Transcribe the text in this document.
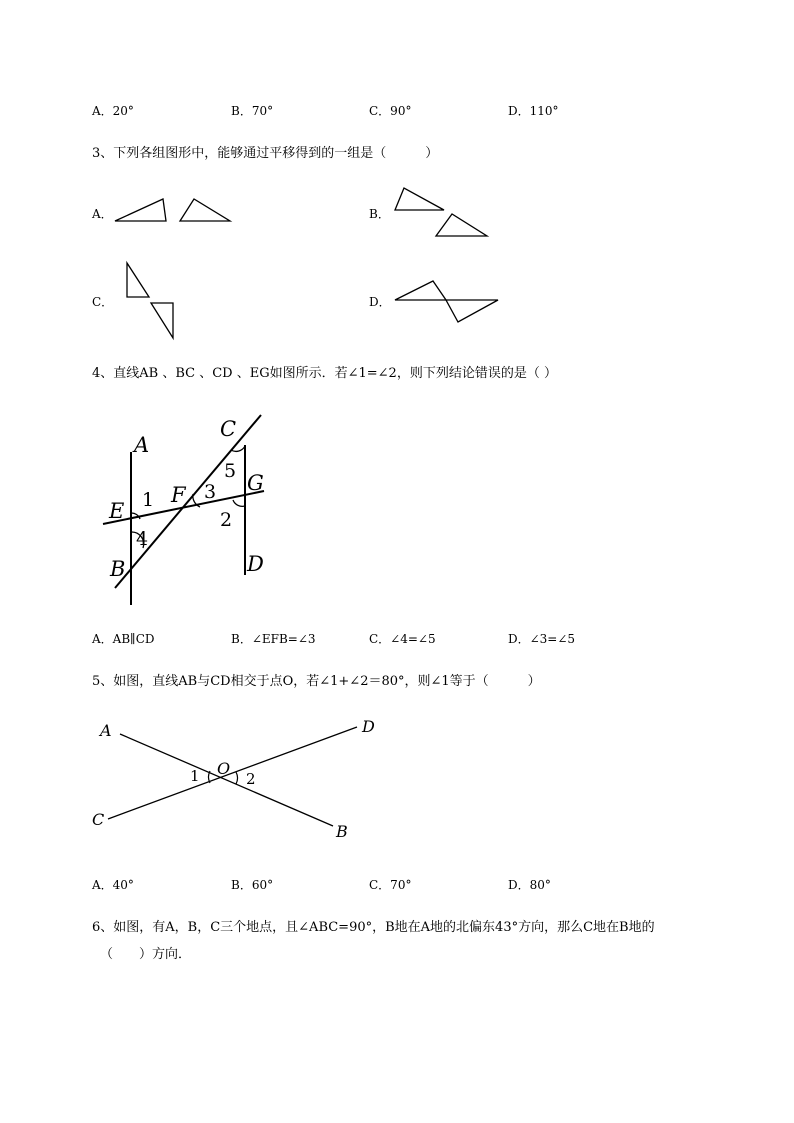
A．20°	B．70°	C．90°	D．110°
3、下列各组图形中，能够通过平移得到的一组是（　　　）
A．	B．
C．	D．
4、直线AB 、BC 、CD 、EG如图所示．若∠1=∠2，则下列结论错误的是（ ）
A
B
C
D
E
F	G
1
2
3
4
5
A．AB∥CD	B．∠EFB=∠3	C．∠4=∠5	D．∠3=∠5
5、如图，直线AB与CD相交于点O，若∠1+∠2＝80°，则∠1等于（　　　）
A	D
O
1	2
C
B
A．40°	B．60°	C．70°	D．80°
6、如图，有A，B，C三个地点，且∠ABC=90°，B地在A地的北偏东43°方向，那么C地在B地的
（　　）方向．
